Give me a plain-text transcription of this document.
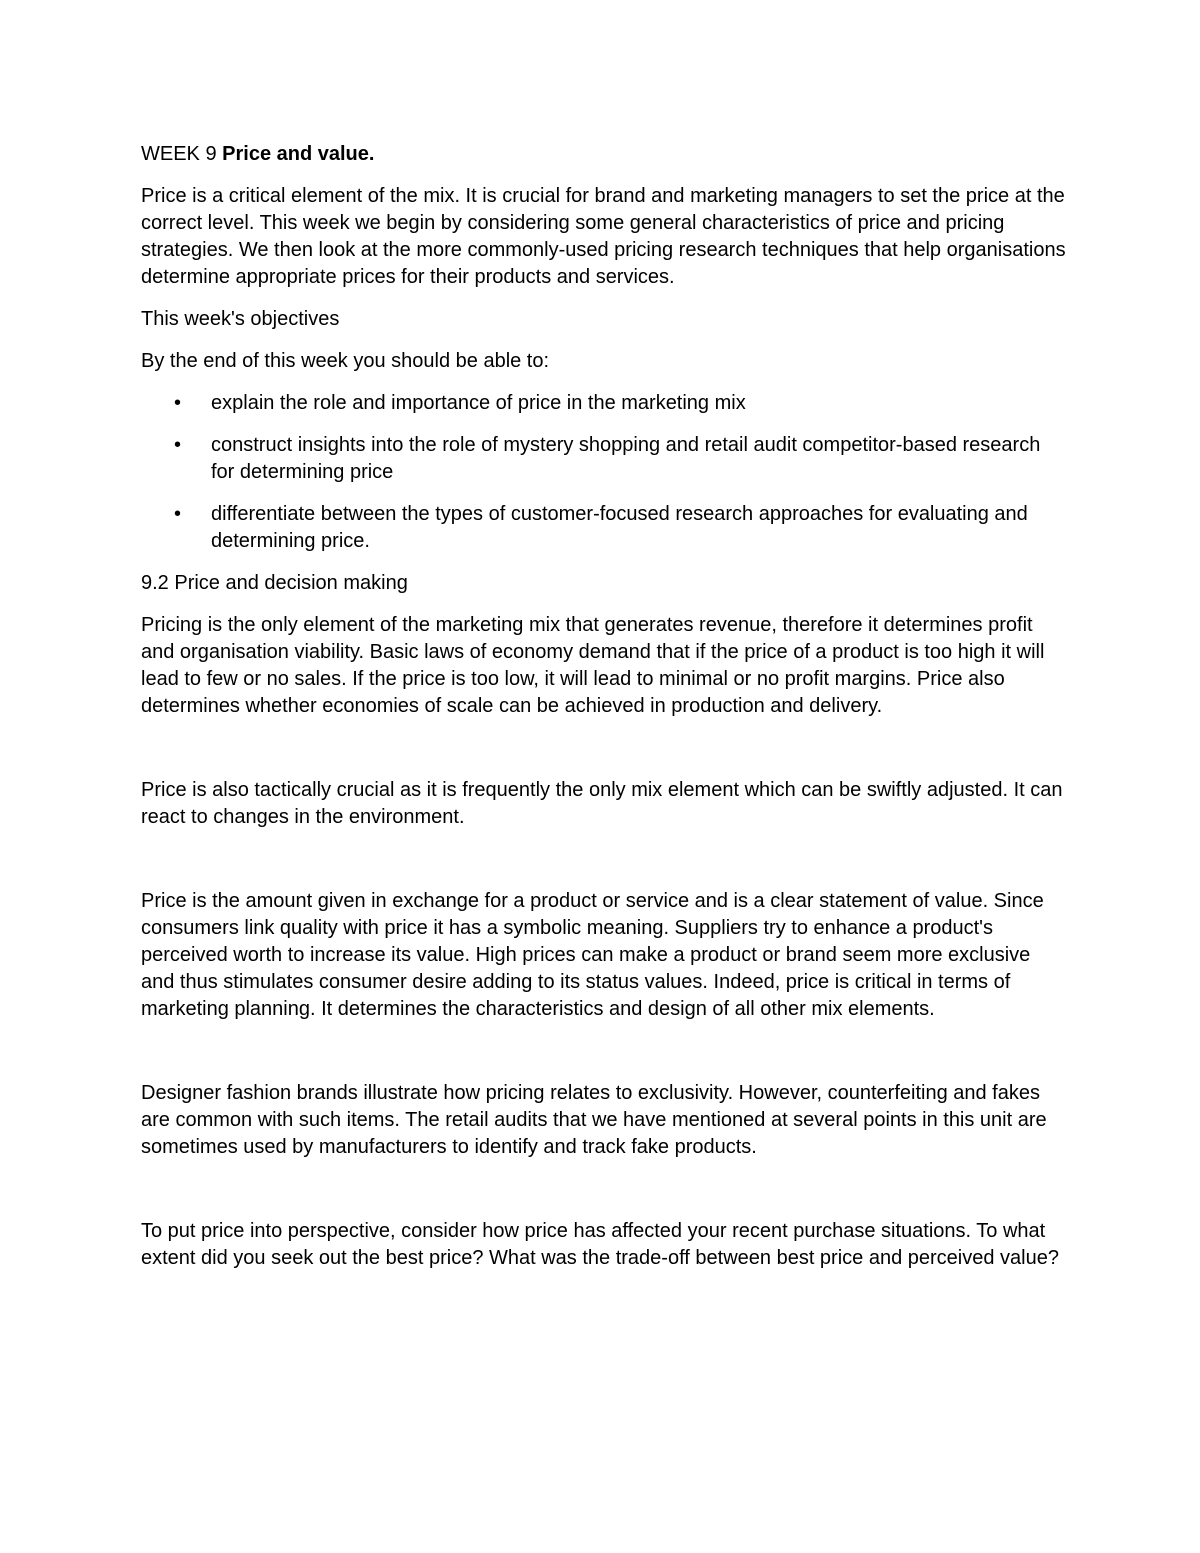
WEEK 9 Price and value.

Price is a critical element of the mix. It is crucial for brand and marketing managers to set the price at the correct level. This week we begin by considering some general characteristics of price and pricing strategies. We then look at the more commonly-used pricing research techniques that help organisations determine appropriate prices for their products and services.

This week's objectives

By the end of this week you should be able to:

• explain the role and importance of price in the marketing mix
• construct insights into the role of mystery shopping and retail audit competitor-based research for determining price
• differentiate between the types of customer-focused research approaches for evaluating and determining price.

9.2 Price and decision making

Pricing is the only element of the marketing mix that generates revenue, therefore it determines profit and organisation viability. Basic laws of economy demand that if the price of a product is too high it will lead to few or no sales. If the price is too low, it will lead to minimal or no profit margins. Price also determines whether economies of scale can be achieved in production and delivery.

Price is also tactically crucial as it is frequently the only mix element which can be swiftly adjusted. It can react to changes in the environment.

Price is the amount given in exchange for a product or service and is a clear statement of value. Since consumers link quality with price it has a symbolic meaning. Suppliers try to enhance a product's perceived worth to increase its value. High prices can make a product or brand seem more exclusive and thus stimulates consumer desire adding to its status values. Indeed, price is critical in terms of marketing planning. It determines the characteristics and design of all other mix elements.

Designer fashion brands illustrate how pricing relates to exclusivity. However, counterfeiting and fakes are common with such items. The retail audits that we have mentioned at several points in this unit are sometimes used by manufacturers to identify and track fake products.

To put price into perspective, consider how price has affected your recent purchase situations. To what extent did you seek out the best price? What was the trade-off between best price and perceived value?
